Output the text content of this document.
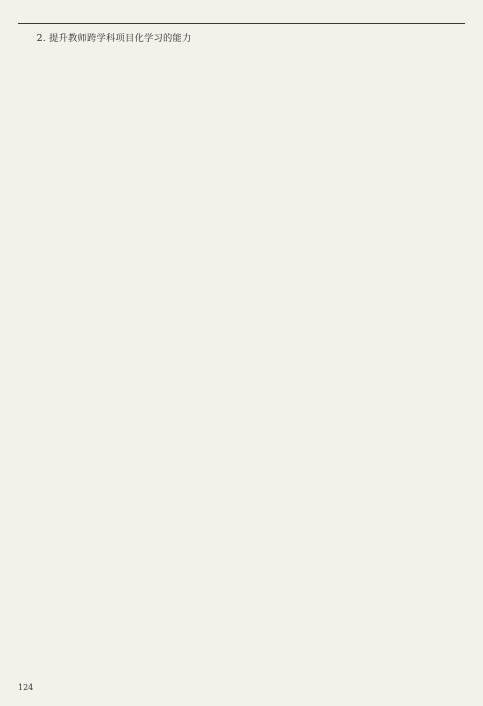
2. 提升教师跨学科项目化学习的能力

124
